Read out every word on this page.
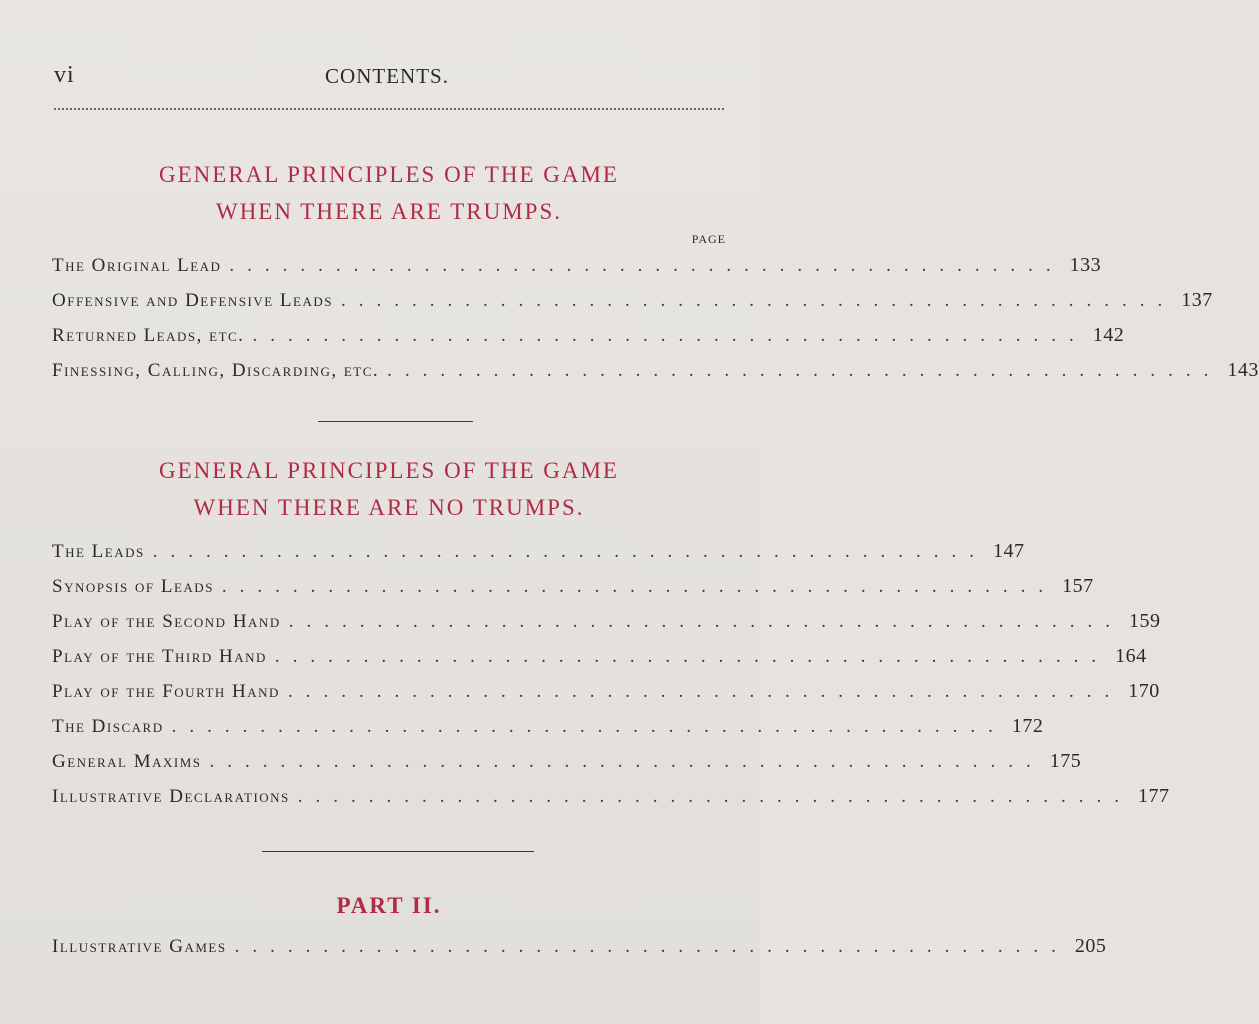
vi	CONTENTS.

GENERAL PRINCIPLES OF THE GAME

WHEN THERE ARE TRUMPS.

PAGE
The Original Lead ............................................... 133
Offensive and Defensive Leads ............................................... 137
Returned Leads, etc. ............................................... 142
Finessing, Calling, Discarding, etc. ............................................... 143

GENERAL PRINCIPLES OF THE GAME

WHEN THERE ARE NO TRUMPS.

The Leads ............................................... 147
Synopsis of Leads ............................................... 157
Play of the Second Hand ............................................... 159
Play of the Third Hand ............................................... 164
Play of the Fourth Hand ............................................... 170
The Discard ............................................... 172
General Maxims ............................................... 175
Illustrative Declarations ............................................... 177
PART II.
Illustrative Games ............................................... 205
